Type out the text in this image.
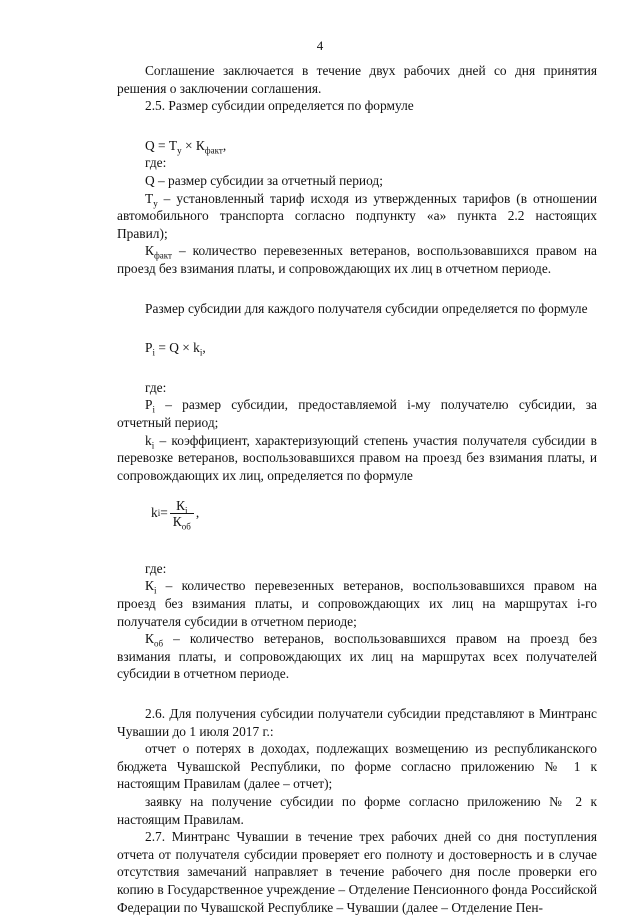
4

Соглашение заключается в течение двух рабочих дней со дня принятия решения о заключении соглашения.

2.5. Размер субсидии определяется по формуле

$Q = Т_у \times К_{факт}$,

где:

Q – размер субсидии за отчетный период;

$Т_у$ – установленный тариф исходя из утвержденных тарифов (в отношении автомобильного транспорта согласно подпункту «а» пункта 2.2 настоящих Правил);

$К_{факт}$ – количество перевезенных ветеранов, воспользовавшихся правом на проезд без взимания платы, и сопровождающих их лиц в отчетном периоде.

Размер субсидии для каждого получателя субсидии определяется по формуле

$P_i = Q \times k_i$,

где:

$P_i$ – размер субсидии, предоставляемой i-му получателю субсидии, за отчетный период;

$k_i$ – коэффициент, характеризующий степень участия получателя субсидии в перевозке ветеранов, воспользовавшихся правом на проезд без взимания платы, и сопровождающих их лиц, определяется по формуле

k $i = \frac{К_i}{К_{об}}$ ,

где:

$К_i$ – количество перевезенных ветеранов, воспользовавшихся правом на проезд без взимания платы, и сопровождающих их лиц на маршрутах i-го получателя субсидии в отчетном периоде;

$К_{об}$ – количество ветеранов, воспользовавшихся правом на проезд без взимания платы, и сопровождающих их лиц на маршрутах всех получателей субсидии в отчетном периоде.

2.6. Для получения субсидии получатели субсидии представляют в Минтранс Чувашии до 1 июля 2017 г.:

отчет о потерях в доходах, подлежащих возмещению из республиканского бюджета Чувашской Республики, по форме согласно приложению № 1 к настоящим Правилам (далее – отчет);

заявку на получение субсидии по форме согласно приложению № 2 к настоящим Правилам.

2.7. Минтранс Чувашии в течение трех рабочих дней со дня поступления отчета от получателя субсидии проверяет его полноту и достоверность и в случае отсутствия замечаний направляет в течение рабочего дня после проверки его копию в Государственное учреждение – Отделение Пенсионного фонда Российской Федерации по Чувашской Республике – Чувашии (далее – Отделение Пен-
